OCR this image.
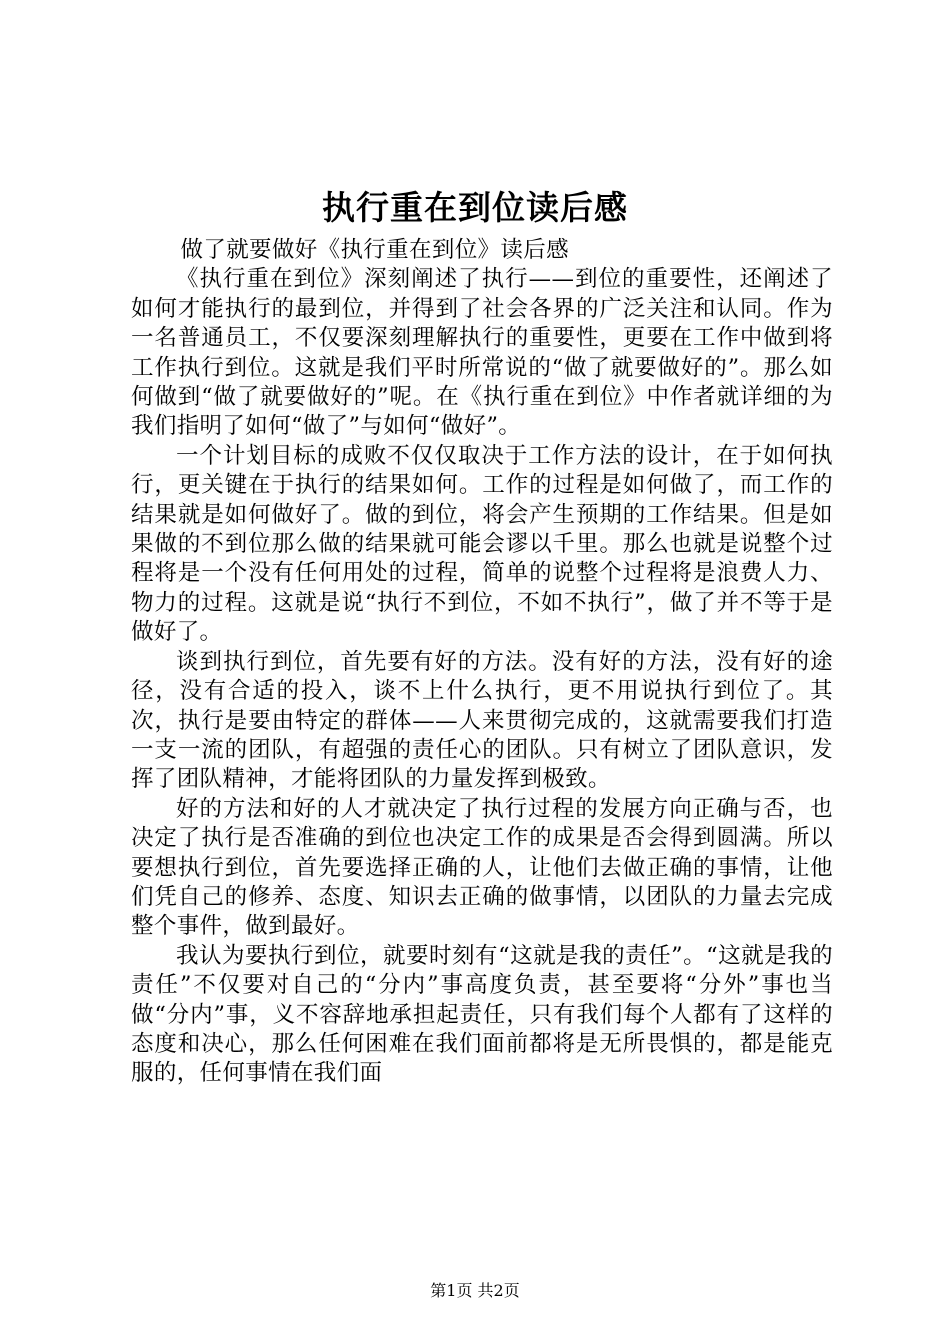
执行重在到位读后感

做了就要做好《执行重在到位》读后感

《执行重在到位》深刻阐述了执行——到位的重要性，还阐述了如何才能执行的最到位，并得到了社会各界的广泛关注和认同。作为一名普通员工，不仅要深刻理解执行的重要性，更要在工作中做到将工作执行到位。这就是我们平时所常说的“做了就要做好的”。那么如何做到“做了就要做好的”呢。在《执行重在到位》中作者就详细的为我们指明了如何“做了”与如何“做好”。

一个计划目标的成败不仅仅取决于工作方法的设计，在于如何执行，更关键在于执行的结果如何。工作的过程是如何做了，而工作的结果就是如何做好了。做的到位，将会产生预期的工作结果。但是如果做的不到位那么做的结果就可能会谬以千里。那么也就是说整个过程将是一个没有任何用处的过程，简单的说整个过程将是浪费人力、物力的过程。这就是说“执行不到位，不如不执行”，做了并不等于是做好了。

谈到执行到位，首先要有好的方法。没有好的方法，没有好的途径，没有合适的投入，谈不上什么执行，更不用说执行到位了。其次，执行是要由特定的群体——人来贯彻完成的，这就需要我们打造一支一流的团队，有超强的责任心的团队。只有树立了团队意识，发挥了团队精神，才能将团队的力量发挥到极致。

好的方法和好的人才就决定了执行过程的发展方向正确与否，也决定了执行是否准确的到位也决定工作的成果是否会得到圆满。所以要想执行到位，首先要选择正确的人，让他们去做正确的事情，让他们凭自己的修养、态度、知识去正确的做事情，以团队的力量去完成整个事件，做到最好。

我认为要执行到位，就要时刻有“这就是我的责任”。“这就是我的责任”不仅要对自己的“分内”事高度负责，甚至要将“分外”事也当做“分内”事，义不容辞地承担起责任，只有我们每个人都有了这样的态度和决心，那么任何困难在我们面前都将是无所畏惧的，都是能克服的，任何事情在我们面

第1页 共2页
